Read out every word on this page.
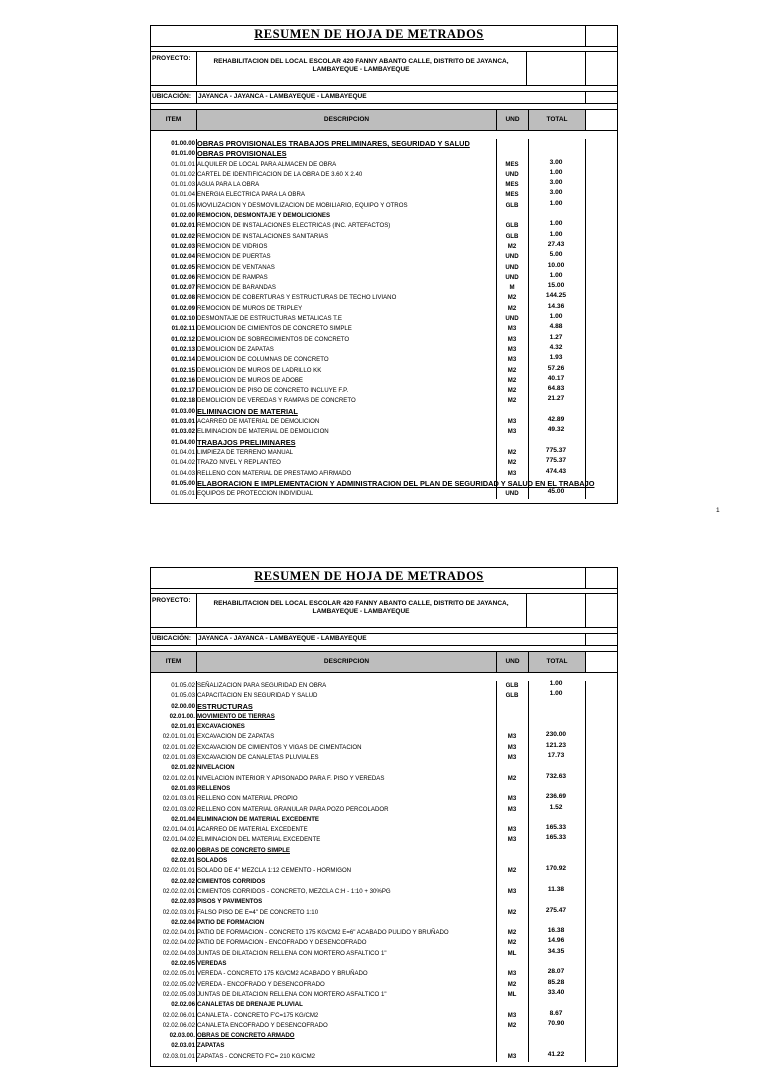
RESUMEN DE HOJA DE METRADOS
PROYECTO:	REHABILITACION DEL LOCAL ESCOLAR 420 FANNY ABANTO CALLE, DISTRITO DE JAYANCA,
LAMBAYEQUE - LAMBAYEQUE
UBICACIÓN: JAYANCA - JAYANCA - LAMBAYEQUE - LAMBAYEQUE
ITEM	DESCRIPCION	UND	TOTAL
01.00.00 OBRAS PROVISIONALES TRABAJOS PRELIMINARES, SEGURIDAD Y SALUD
01.01.00 OBRAS PROVISIONALES
01.01.01 ALQUILER DE LOCAL PARA ALMACEN DE OBRA	MES	3.00
01.01.02 CARTEL DE IDENTIFICACION DE LA OBRA DE 3.60 X 2.40	UND	1.00
01.01.03 AGUA PARA LA OBRA	MES	3.00
01.01.04 ENERGIA ELECTRICA PARA LA OBRA	MES	3.00
01.01.05 MOVILIZACION Y DESMOVILIZACION DE MOBILIARIO, EQUIPO Y OTROS	GLB	1.00
01.02.00 REMOCION, DESMONTAJE Y DEMOLICIONES
01.02.01 REMOCION DE INSTALACIONES ELECTRICAS (INC. ARTEFACTOS)	GLB	1.00
01.02.02 REMOCION DE INSTALACIONES SANITARIAS	GLB	1.00
01.02.03 REMOCION DE VIDRIOS	M2	27.43
01.02.04 REMOCION DE PUERTAS	UND	5.00
01.02.05 REMOCION DE VENTANAS	UND	10.00
01.02.06 REMOCION DE RAMPAS	UND	1.00
01.02.07 REMOCION DE BARANDAS	M	15.00
01.02.08 REMOCION DE COBERTURAS Y ESTRUCTURAS DE TECHO LIVIANO	M2	144.25
01.02.09 REMOCION DE MUROS DE TRIPLEY	M2	14.36
01.02.10 DESMONTAJE DE ESTRUCTURAS METALICAS T.E	UND	1.00
01.02.11 DEMOLICION DE CIMIENTOS DE CONCRETO SIMPLE	M3	4.88
01.02.12 DEMOLICION DE SOBRECIMIENTOS DE CONCRETO	M3	1.27
01.02.13 DEMOLICION DE ZAPATAS	M3	4.32
01.02.14 DEMOLICION DE COLUMNAS DE CONCRETO	M3	1.93
01.02.15 DEMOLICION DE MUROS DE LADRILLO KK	M2	57.26
01.02.16 DEMOLICION DE MUROS DE ADOBE	M2	40.17
01.02.17 DEMOLICION DE PISO DE CONCRETO INCLUYE F.P.	M2	64.83
01.02.18 DEMOLICION DE VEREDAS Y RAMPAS DE CONCRETO	M2	21.27
01.03.00 ELIMINACION DE MATERIAL
01.03.01 ACARREO DE MATERIAL DE DEMOLICION	M3	42.89
01.03.02 ELIMINACION DE MATERIAL DE DEMOLICION	M3	49.32
01.04.00 TRABAJOS PRELIMINARES
01.04.01 LIMPIEZA DE TERRENO MANUAL	M2	775.37
01.04.02 TRAZO NIVEL Y REPLANTEO	M2	775.37
01.04.03 RELLENO CON MATERIAL DE PRESTAMO AFIRMADO	M3	474.43
01.05.00 ELABORACION E IMPLEMENTACION Y ADMINISTRACION DEL PLAN DE SEGURIDAD Y SALUD EN EL TRABAJO
01.05.01 EQUIPOS DE PROTECCION INDIVIDUAL	UND	45.00
RESUMEN DE HOJA DE METRADOS
PROYECTO:	REHABILITACION DEL LOCAL ESCOLAR 420 FANNY ABANTO CALLE, DISTRITO DE JAYANCA,
LAMBAYEQUE - LAMBAYEQUE
UBICACIÓN: JAYANCA - JAYANCA - LAMBAYEQUE - LAMBAYEQUE
ITEM	DESCRIPCION	UND	TOTAL
01.05.02 SEÑALIZACION PARA SEGURIDAD EN OBRA	GLB	1.00
01.05.03 CAPACITACION EN SEGURIDAD Y SALUD	GLB	1.00
02.00.00 ESTRUCTURAS
02.01.00. MOVIMIENTO DE TIERRAS
02.01.01 EXCAVACIONES
02.01.01.01 EXCAVACION DE ZAPATAS	M3	230.00
02.01.01.02 EXCAVACION DE CIMIENTOS Y VIGAS DE CIMENTACION	M3	121.23
02.01.01.03 EXCAVACION DE CANALETAS PLUVIALES	M3	17.73
02.01.02 NIVELACION
02.01.02.01 NIVELACION INTERIOR Y APISONADO PARA F. PISO Y VEREDAS	M2	732.63
02.01.03 RELLENOS
02.01.03.01 RELLENO CON MATERIAL PROPIO	M3	236.69
02.01.03.02 RELLENO CON MATERIAL GRANULAR PARA POZO PERCOLADOR	M3	1.52
02.01.04 ELIMINACION DE MATERIAL EXCEDENTE
02.01.04.01 ACARREO DE MATERIAL EXCEDENTE	M3	165.33
02.01.04.02 ELIMINACION DEL MATERIAL EXCEDENTE	M3	165.33
02.02.00 OBRAS DE CONCRETO SIMPLE
02.02.01 SOLADOS
02.02.01.01 SOLADO DE 4" MEZCLA 1:12 CEMENTO - HORMIGON	M2	170.92
02.02.02 CIMIENTOS CORRIDOS
02.02.02.01 CIMIENTOS CORRIDOS - CONCRETO, MEZCLA C:H - 1:10 + 30%PG	M3	11.38
02.02.03 PISOS Y PAVIMENTOS
02.02.03.01 FALSO PISO DE E=4" DE CONCRETO 1:10	M2	275.47
02.02.04 PATIO DE FORMACION
02.02.04.01 PATIO DE FORMACION - CONCRETO 175 KG/CM2 E=6" ACABADO PULIDO Y BRUÑADO	M2	16.38
02.02.04.02 PATIO DE FORMACION - ENCOFRADO Y DESENCOFRADO	M2	14.96
02.02.04.03 JUNTAS DE DILATACION RELLENA CON MORTERO ASFALTICO 1"	ML	34.35
02.02.05 VEREDAS
02.02.05.01 VEREDA - CONCRETO 175 KG/CM2 ACABADO Y BRUÑADO	M3	28.07
02.02.05.02 VEREDA - ENCOFRADO Y DESENCOFRADO	M2	85.28
02.02.05.03 JUNTAS DE DILATACION RELLENA CON MORTERO ASFALTICO 1"	ML	33.40
02.02.06 CANALETAS DE DRENAJE PLUVIAL
02.02.06.01 CANALETA - CONCRETO F'C=175 KG/CM2	M3	8.67
02.02.06.02 CANALETA ENCOFRADO Y DESENCOFRADO	M2	70.90
02.03.00. OBRAS DE CONCRETO ARMADO
02.03.01 ZAPATAS
02.03.01.01 ZAPATAS - CONCRETO F'C= 210 KG/CM2	M3	41.22
1
